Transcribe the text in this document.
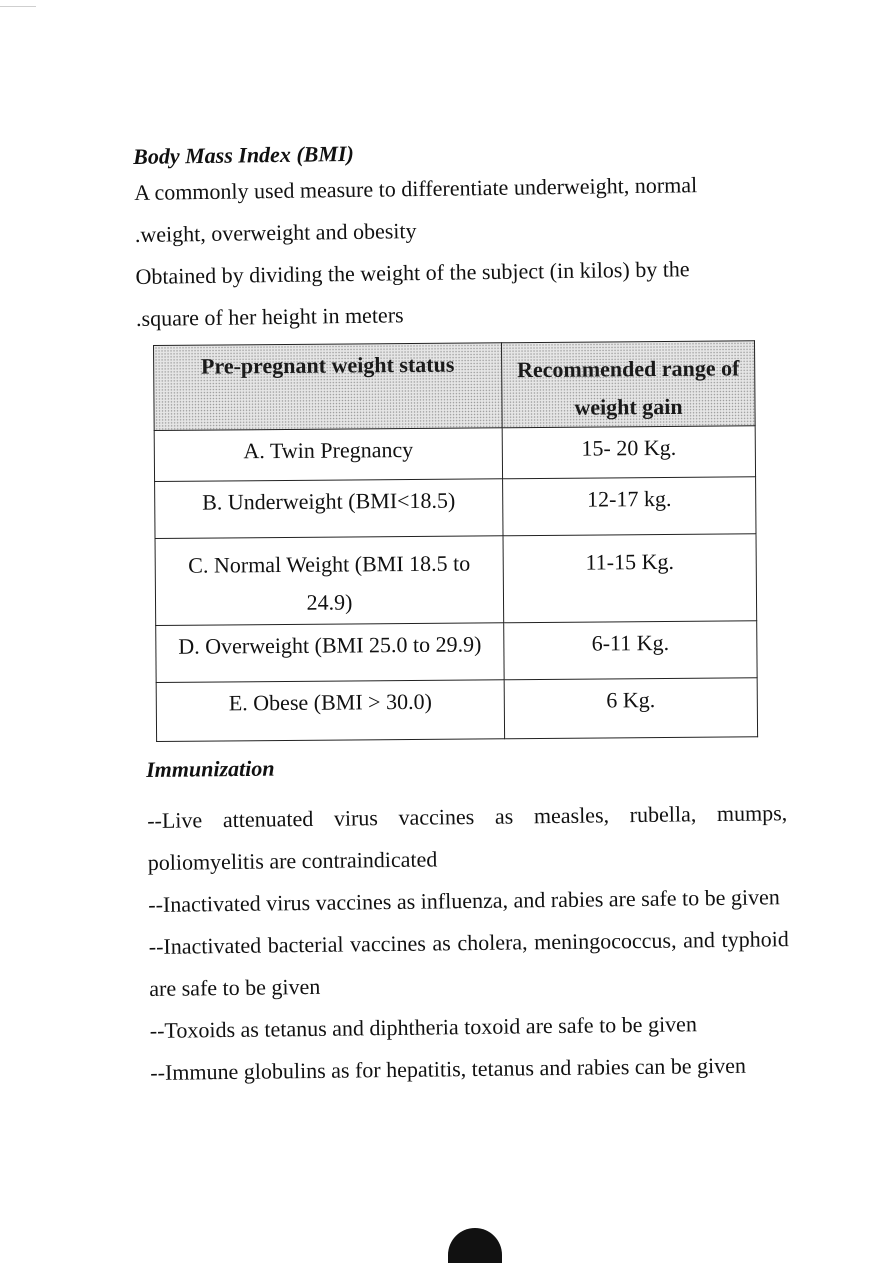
Body Mass Index (BMI)
A commonly used measure to differentiate underweight, normal
.weight, overweight and obesity
Obtained by dividing the weight of the subject (in kilos) by the
.square of her height in meters
Pre-pregnant weight status	Recommended range of
weight gain

A. Twin Pregnancy	15- 20 Kg.
B. Underweight (BMI<18.5)	12-17 kg.

C. Normal Weight (BMI 18.5 to
24.9)	11-15 Kg.
D. Overweight (BMI 25.0 to 29.9)	6-11 Kg.
E. Obese (BMI > 30.0)	6 Kg.
Immunization

--Live attenuated virus vaccines as measles, rubella, mumps, poliomyelitis are contraindicated

--Inactivated virus vaccines as influenza, and rabies are safe to be given

--Inactivated bacterial vaccines as cholera, meningococcus, and typhoid are safe to be given

--Toxoids as tetanus and diphtheria toxoid are safe to be given

--Immune globulins as for hepatitis, tetanus and rabies can be given
